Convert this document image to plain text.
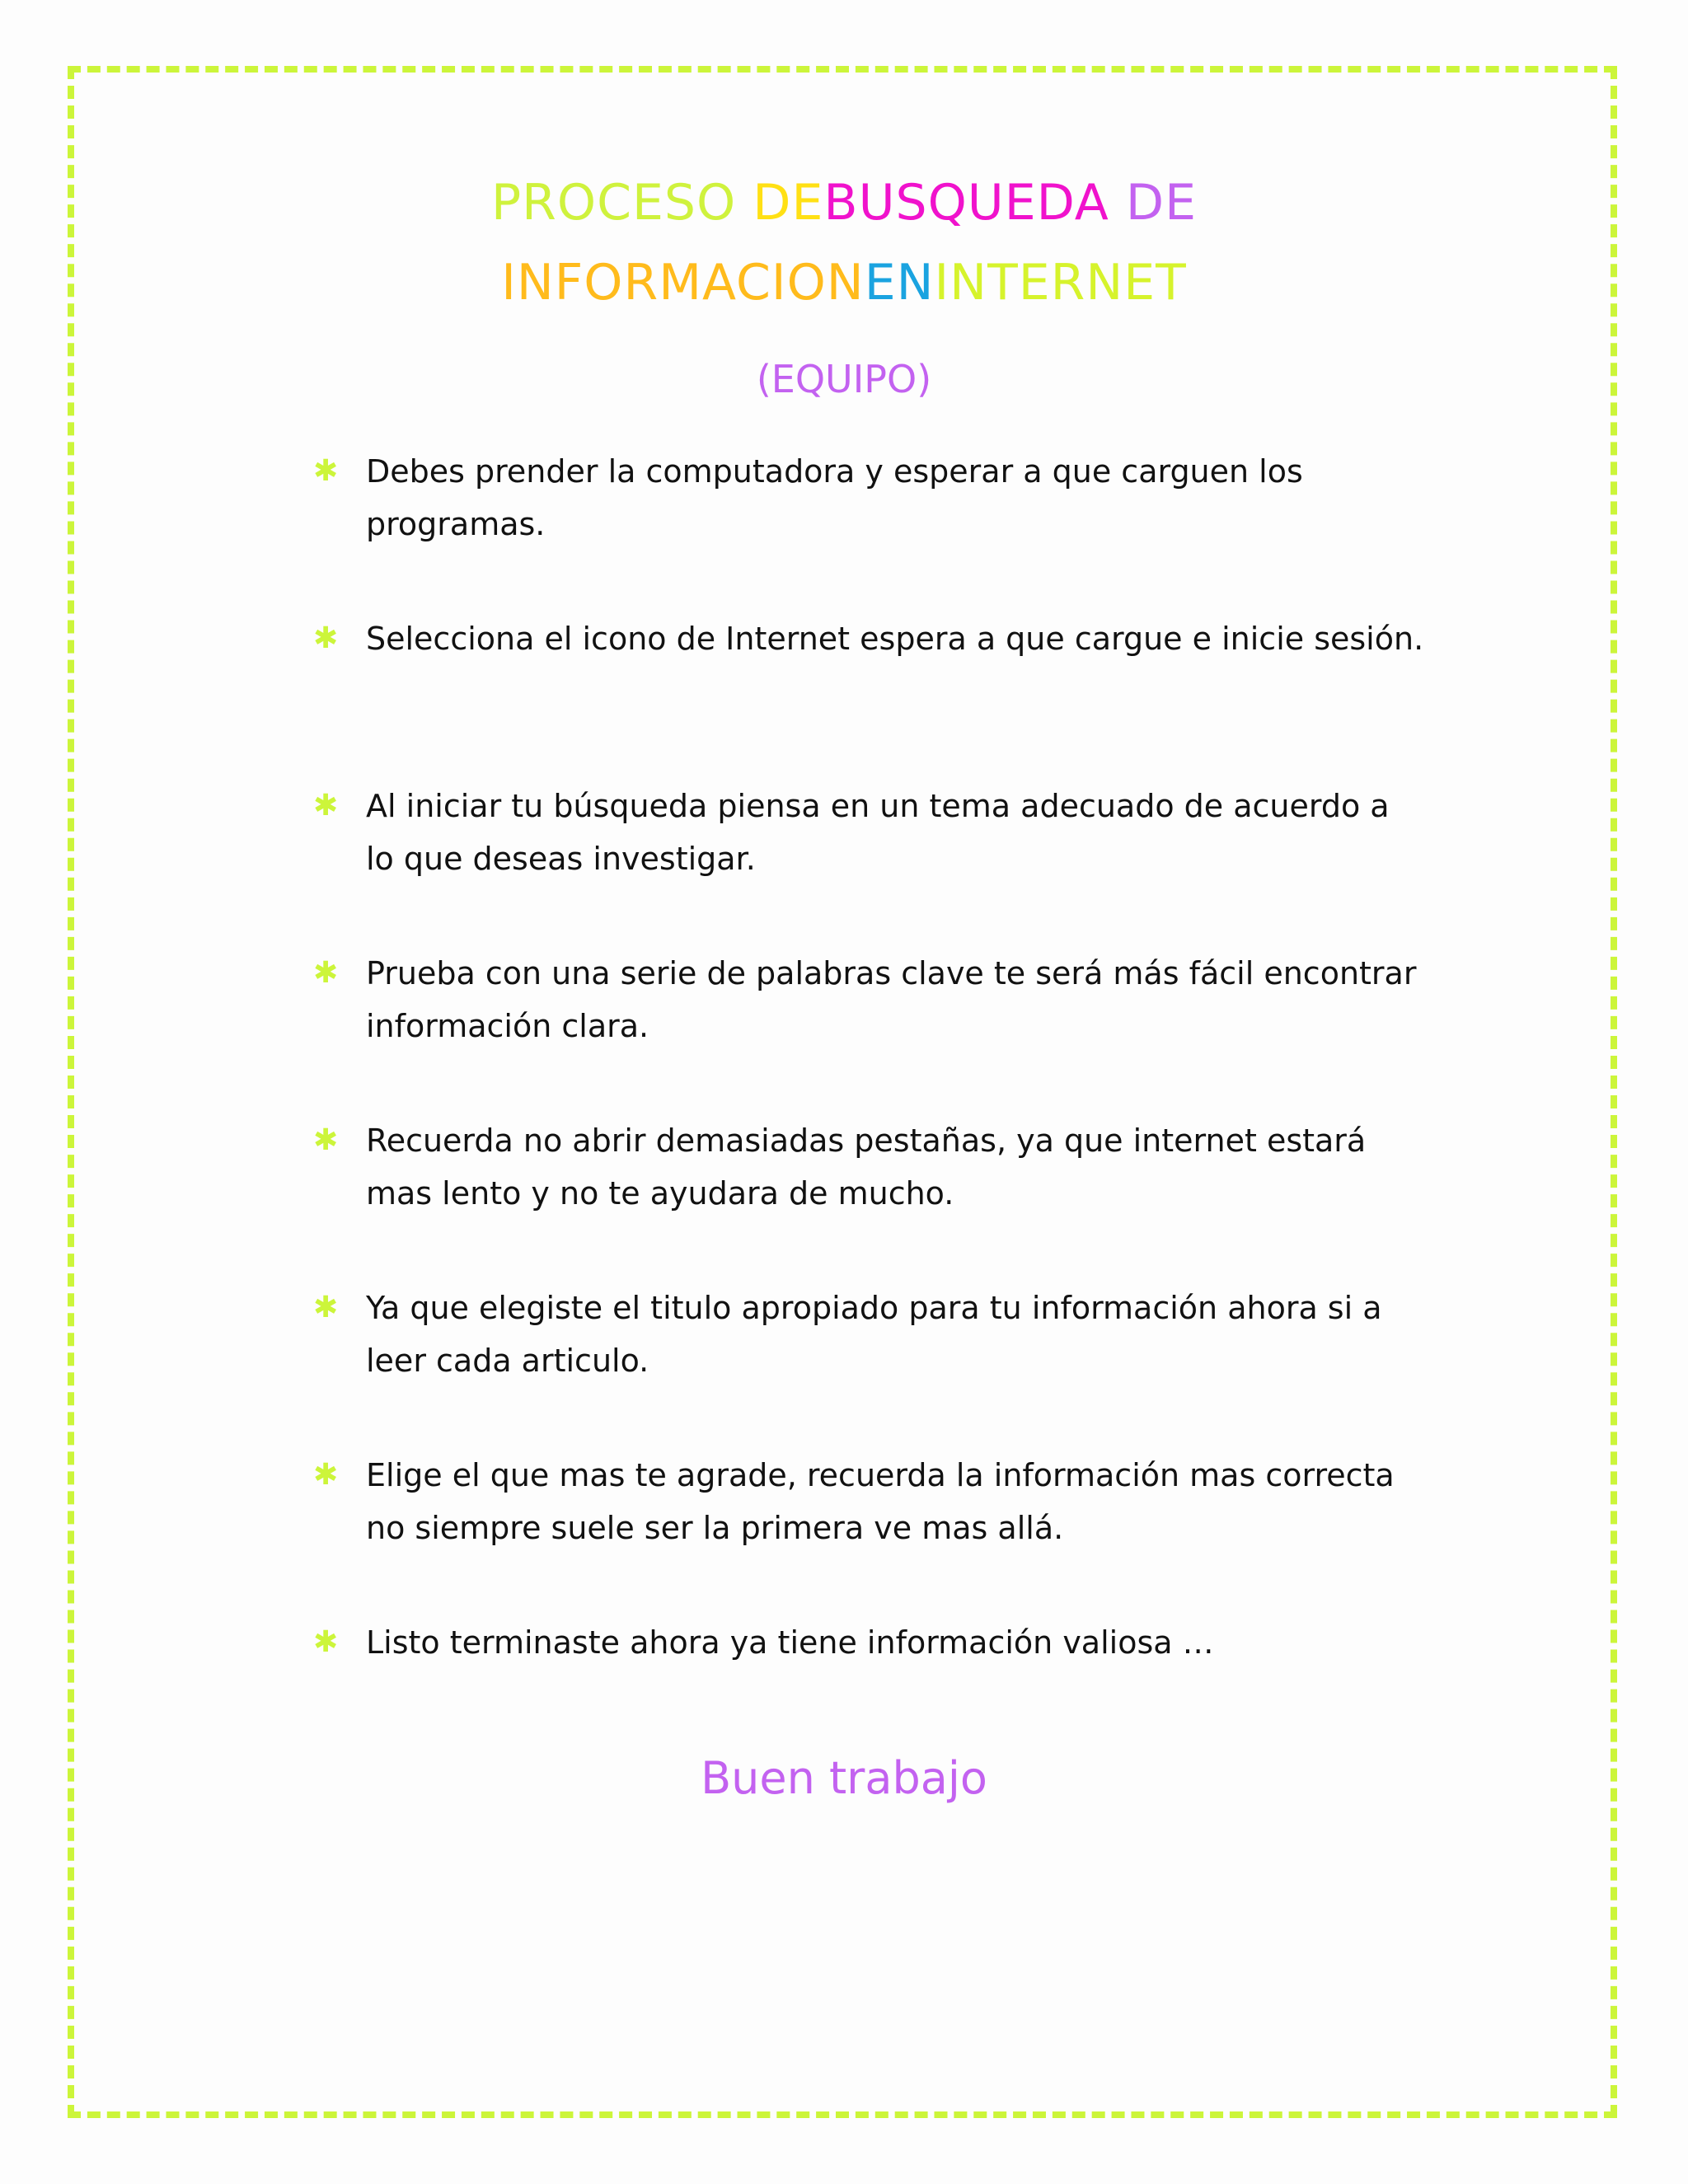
PROCESO DEBUSQUEDA DE
INFORMACIONENINTERNET
(EQUIPO)
✱ Debes prender la computadora y esperar a que carguen los programas.
✱ Selecciona el icono de Internet espera a que cargue e inicie sesión.
✱ Al iniciar tu búsqueda piensa en un tema adecuado de acuerdo a lo que deseas investigar.
✱ Prueba con una serie de palabras clave te será más fácil encontrar información clara.
✱ Recuerda no abrir demasiadas pestañas, ya que internet estará mas lento y no te ayudara de mucho.
✱ Ya que elegiste el titulo apropiado para tu información ahora si a leer cada articulo.
✱ Elige el que mas te agrade, recuerda la información mas correcta no siempre suele ser la primera ve mas allá.
✱ Listo terminaste ahora ya tiene información valiosa …
Buen trabajo
